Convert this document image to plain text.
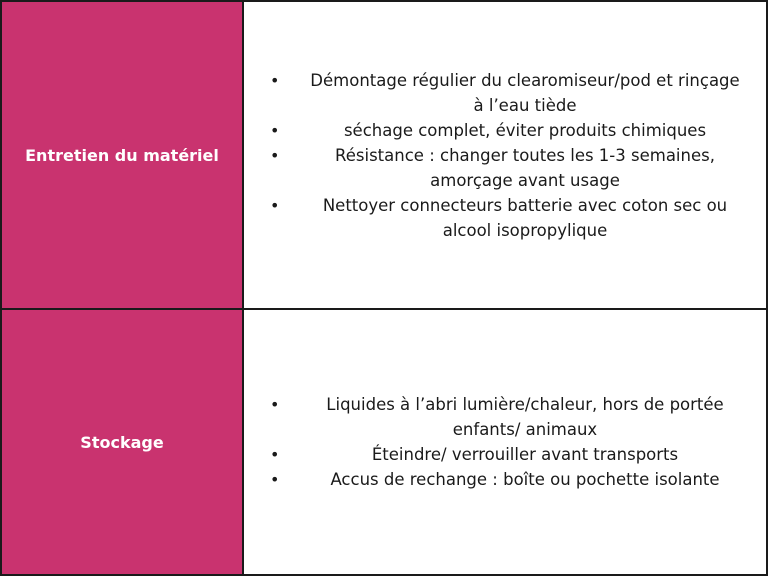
Entretien du matériel
• Démontage régulier du clearomiseur/pod et rinçage à l’eau tiède
•	séchage complet, éviter produits chimiques
•	Résistance : changer toutes les 1-3 semaines, amorçage avant usage
•	Nettoyer connecteurs batterie avec coton sec ou alcool isopropylique
Stockage
•	Liquides à l’abri lumière/chaleur, hors de portée enfants/ animaux
•	Éteindre/ verrouiller avant transports
•	Accus de rechange : boîte ou pochette isolante
